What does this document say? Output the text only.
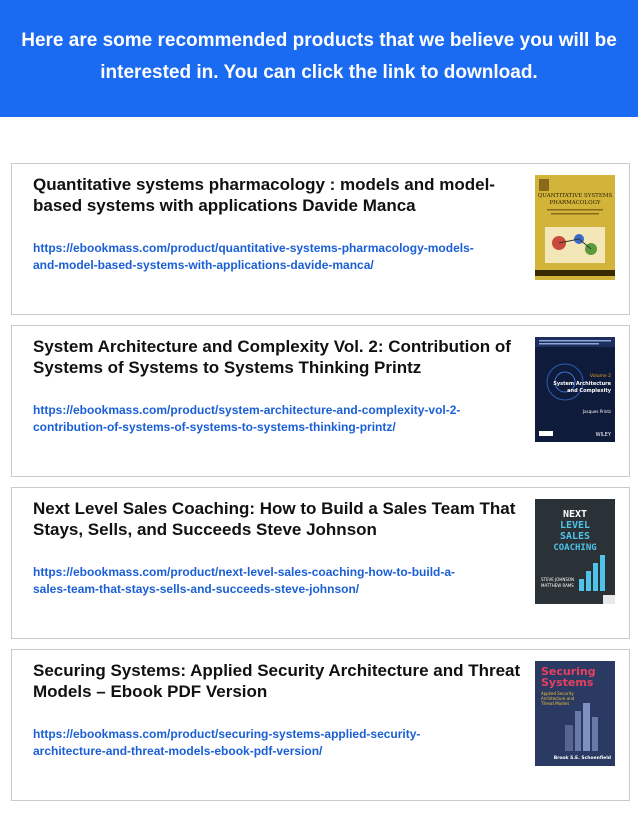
Here are some recommended products that we believe you will be interested in. You can click the link to download.
Quantitative systems pharmacology : models and model-based systems with applications Davide Manca
https://ebookmass.com/product/quantitative-systems-pharmacology-models-and-model-based-systems-with-applications-davide-manca/
QUANTITATIVE SYSTEMS
PHARMACOLOGY
System Architecture and Complexity Vol. 2: Contribution of Systems of Systems to Systems Thinking Printz
https://ebookmass.com/product/system-architecture-and-complexity-vol-2-contribution-of-systems-of-systems-to-systems-thinking-printz/
Volume 2
System Architecture
and Complexity
Jacques Printz
WILEY
Next Level Sales Coaching: How to Build a Sales Team That Stays, Sells, and Succeeds Steve Johnson
https://ebookmass.com/product/next-level-sales-coaching-how-to-build-a-sales-team-that-stays-sells-and-succeeds-steve-johnson/
NEXT
LEVEL
SALES
COACHING
STEVE JOHNSON
MATTHEW RAMS
Securing Systems: Applied Security Architecture and Threat Models – Ebook PDF Version
https://ebookmass.com/product/securing-systems-applied-security-architecture-and-threat-models-ebook-pdf-version/
Securing
Systems
Applied Security
Architecture and
Threat Models
Brook S.E. Schoenfield
